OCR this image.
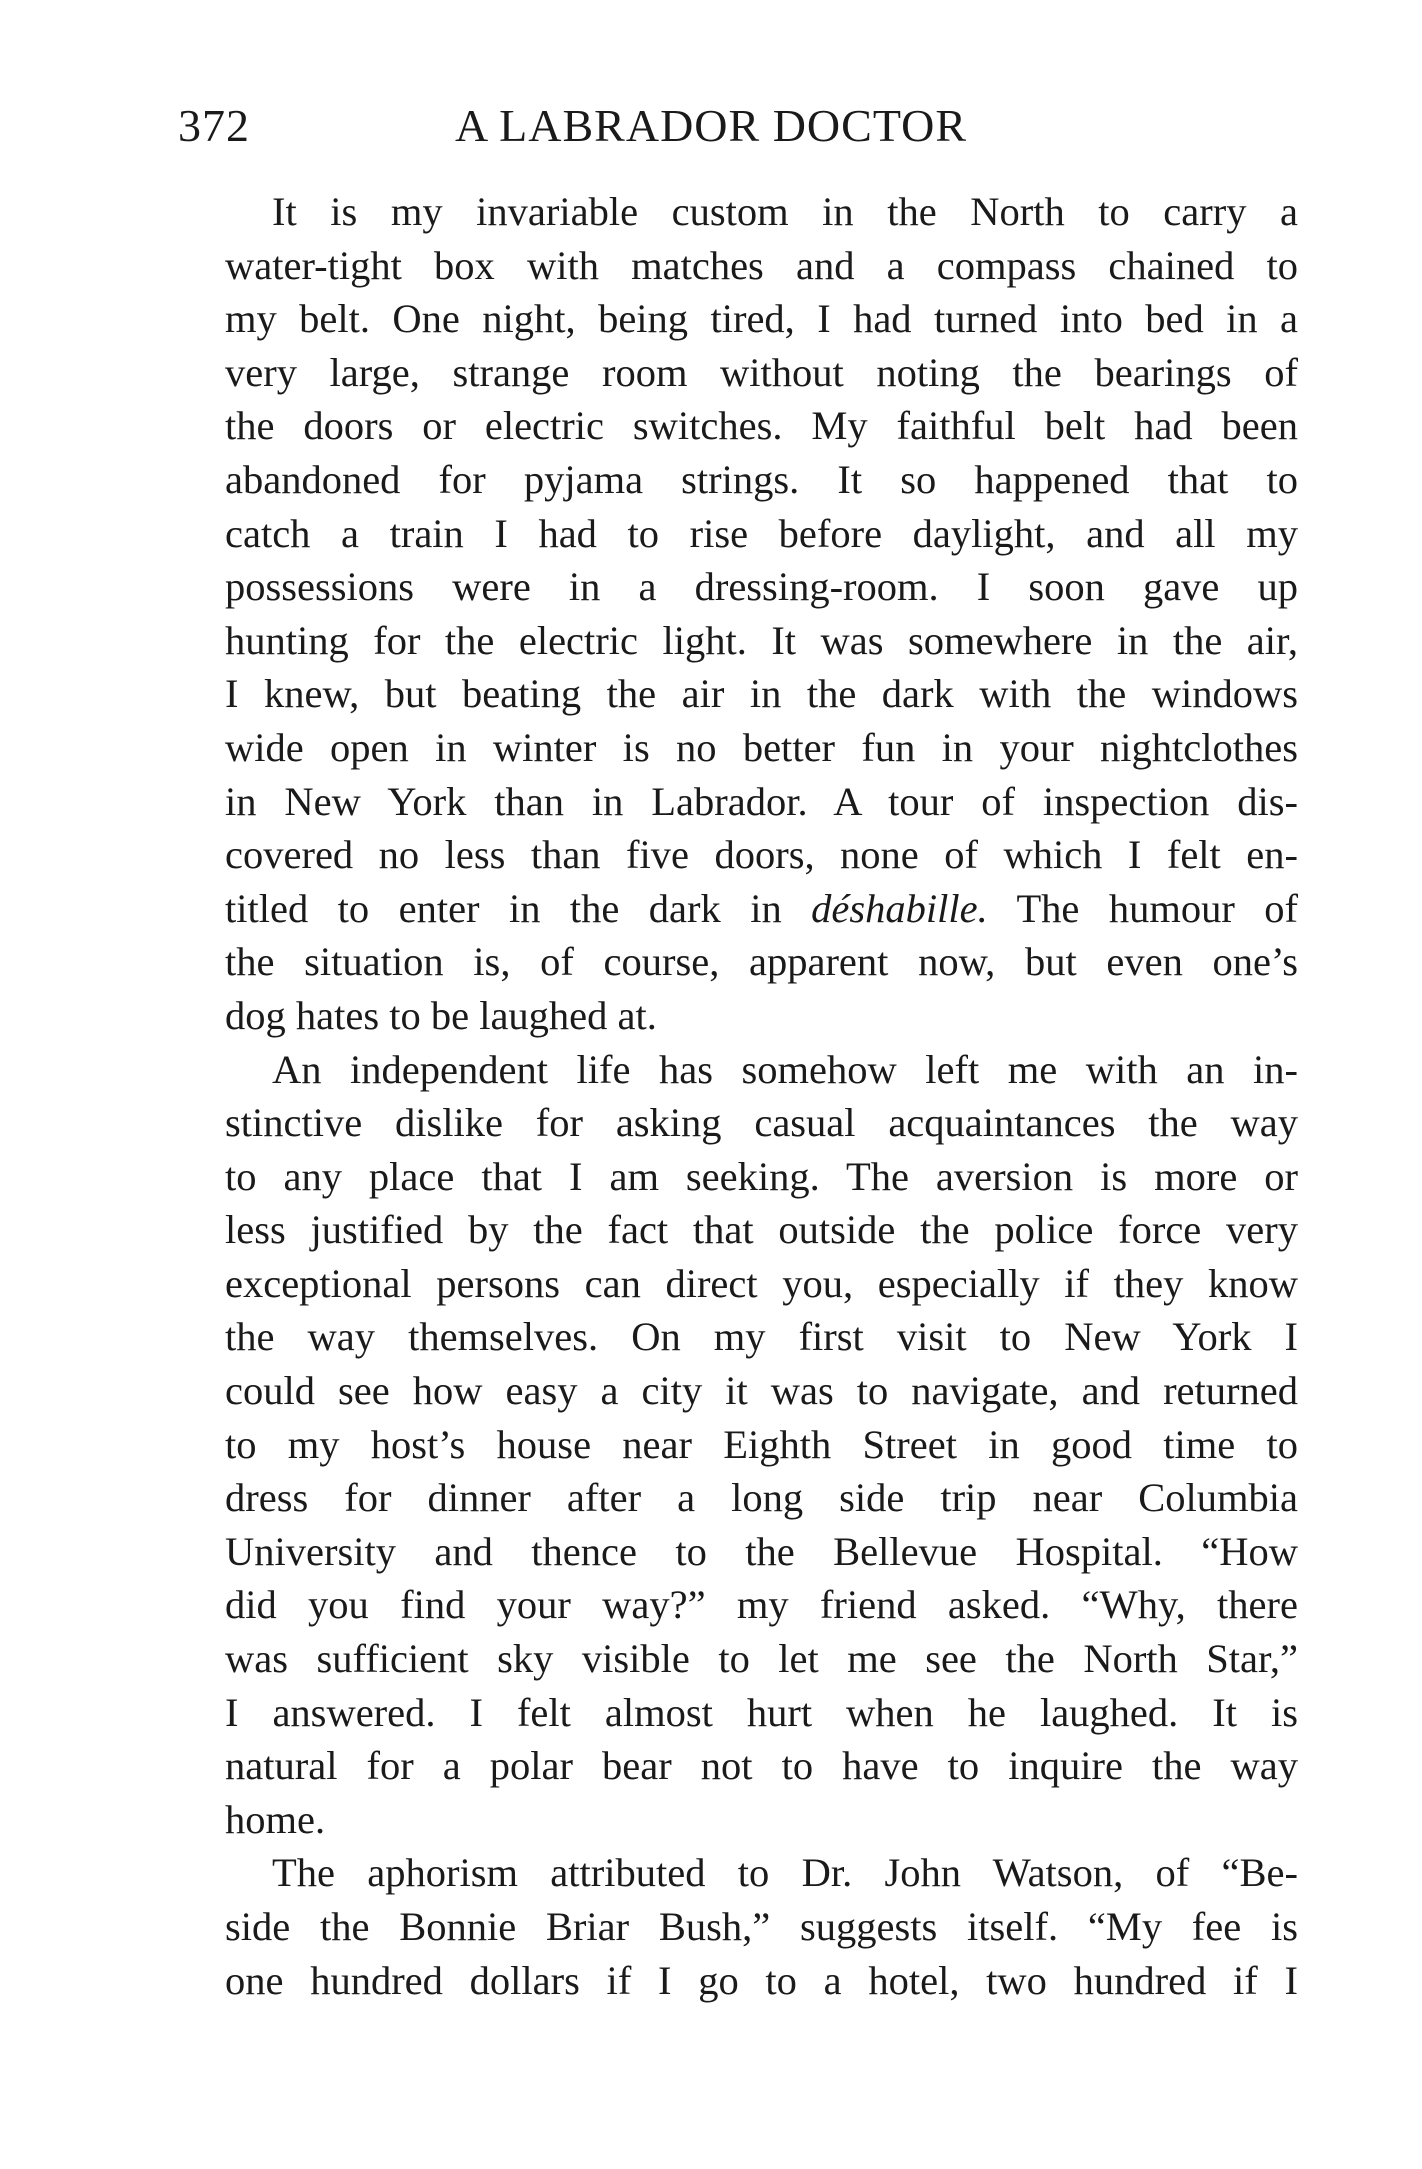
372	A LABRADOR DOCTOR
It is my invariable custom in the North to carry a
water-tight box with matches and a compass chained to
my belt. One night, being tired, I had turned into bed in a
very large, strange room without noting the bearings of
the doors or electric switches. My faithful belt had been
abandoned for pyjama strings. It so happened that to
catch a train I had to rise before daylight, and all my
possessions were in a dressing-room. I soon gave up
hunting for the electric light. It was somewhere in the air,
I knew, but beating the air in the dark with the windows
wide open in winter is no better fun in your nightclothes
in New York than in Labrador. A tour of inspection dis-
covered no less than five doors, none of which I felt en-
titled to enter in the dark in déshabille. The humour of
the situation is, of course, apparent now, but even one’s
dog hates to be laughed at.
An independent life has somehow left me with an in-
stinctive dislike for asking casual acquaintances the way
to any place that I am seeking. The aversion is more or
less justified by the fact that outside the police force very
exceptional persons can direct you, especially if they know
the way themselves. On my first visit to New York I
could see how easy a city it was to navigate, and returned
to my host’s house near Eighth Street in good time to
dress for dinner after a long side trip near Columbia
University and thence to the Bellevue Hospital. “How
did you find your way?” my friend asked. “Why, there
was sufficient sky visible to let me see the North Star,”
I answered. I felt almost hurt when he laughed. It is
natural for a polar bear not to have to inquire the way
home.
The aphorism attributed to Dr. John Watson, of “Be-
side the Bonnie Briar Bush,” suggests itself. “My fee is
one hundred dollars if I go to a hotel, two hundred if I
